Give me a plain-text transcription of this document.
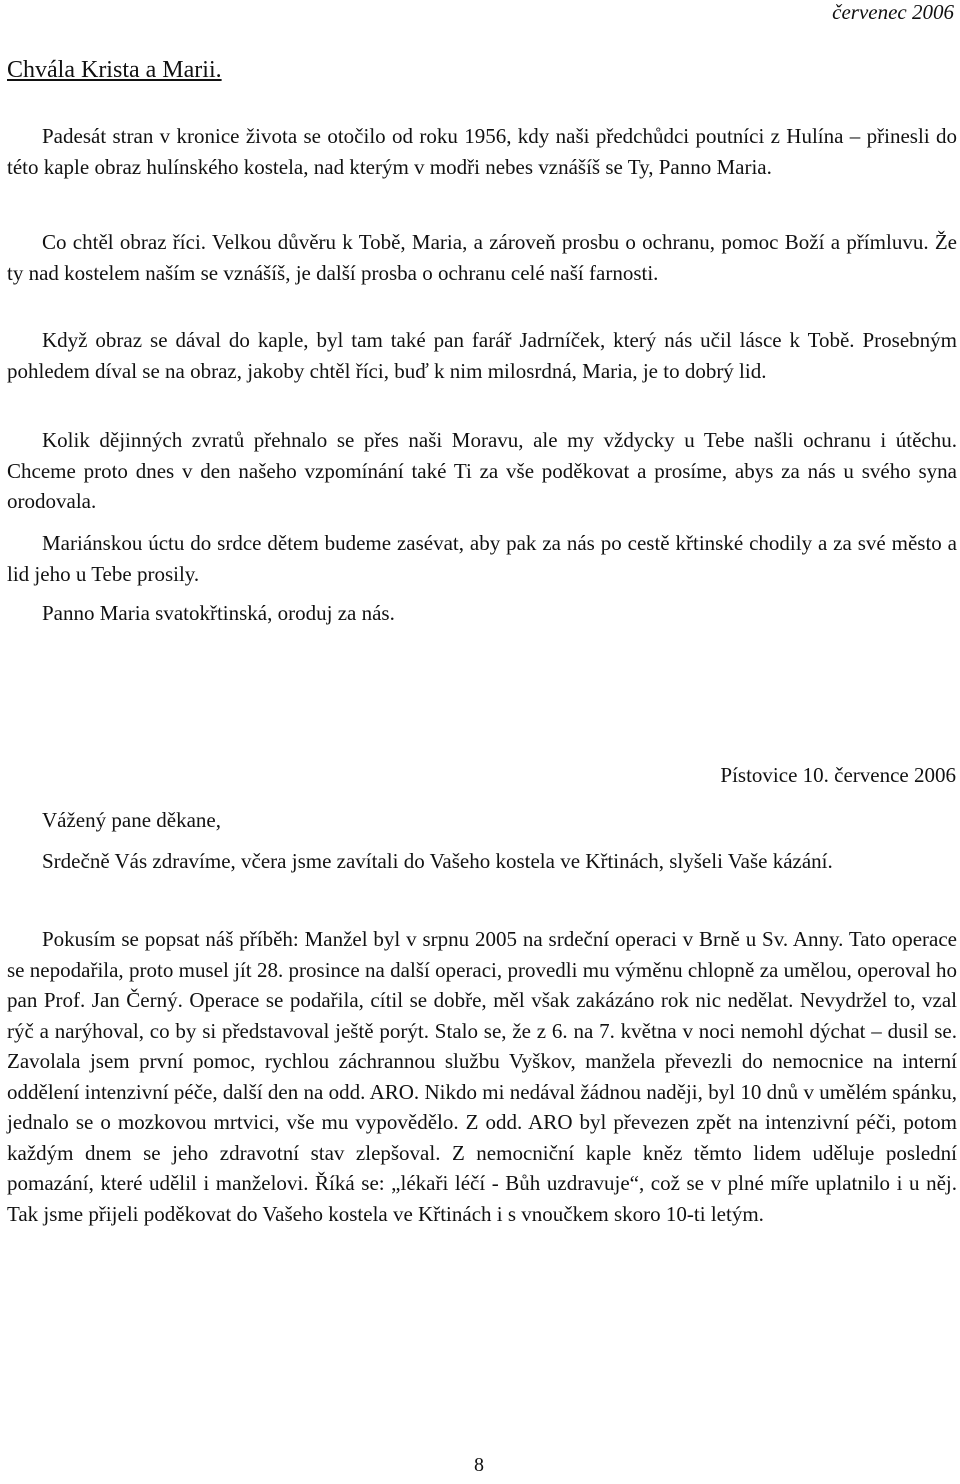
červenec 2006
Chvála Krista a Marii.

Padesát stran v kronice života se otočilo od roku 1956, kdy naši předchůdci poutníci z Hulína – přinesli do této kaple obraz hulínského kostela, nad kterým v modři nebes vznášíš se Ty, Panno Maria.

Co chtěl obraz říci. Velkou důvěru k Tobě, Maria, a zároveň prosbu o ochranu, pomoc Boží a přímluvu. Že ty nad kostelem naším se vznášíš, je další prosba o ochranu celé naší farnosti.

Když obraz se dával do kaple, byl tam také pan farář Jadrníček, který nás učil lásce k Tobě. Prosebným pohledem díval se na obraz, jakoby chtěl říci, buď k nim milosrdná, Maria, je to dobrý lid.

Kolik dějinných zvratů přehnalo se přes naši Moravu, ale my vždycky u Tebe našli ochranu i útěchu. Chceme proto dnes v den našeho vzpomínání také Ti za vše poděkovat a prosíme, abys za nás u svého syna orodovala.

Mariánskou úctu do srdce dětem budeme zasévat, aby pak za nás po cestě křtinské chodily a za své město a lid jeho u Tebe prosily.

Panno Maria svatokřtinská, oroduj za nás.

Pístovice 10. července 2006
Vážený pane děkane,

Srdečně Vás zdravíme, včera jsme zavítali do Vašeho kostela ve Křtinách, slyšeli Vaše kázání.

Pokusím se popsat náš příběh: Manžel byl v srpnu 2005 na srdeční operaci v Brně u Sv. Anny. Tato operace se nepodařila, proto musel jít 28. prosince na další operaci, provedli mu výměnu chlopně za umělou, operoval ho pan Prof. Jan Černý. Operace se podařila, cítil se dobře, měl však zakázáno rok nic nedělat. Nevydržel to, vzal rýč a narýhoval, co by si představoval ještě porýt. Stalo se, že z 6. na 7. května v noci nemohl dýchat – dusil se. Zavolala jsem první pomoc, rychlou záchrannou službu Vyškov, manžela převezli do nemocnice na interní oddělení intenzivní péče, další den na odd. ARO. Nikdo mi nedával žádnou naději, byl 10 dnů v umělém spánku, jednalo se o mozkovou mrtvici, vše mu vypovědělo. Z odd. ARO byl převezen zpět na intenzivní péči, potom každým dnem se jeho zdravotní stav zlepšoval. Z nemocniční kaple kněz těmto lidem uděluje poslední pomazání, které udělil i manželovi. Říká se: „lékaři léčí - Bůh uzdravuje“, což se v plné míře uplatnilo i u něj. Tak jsme přijeli poděkovat do Vašeho kostela ve Křtinách i s vnoučkem skoro 10-ti letým.

8
